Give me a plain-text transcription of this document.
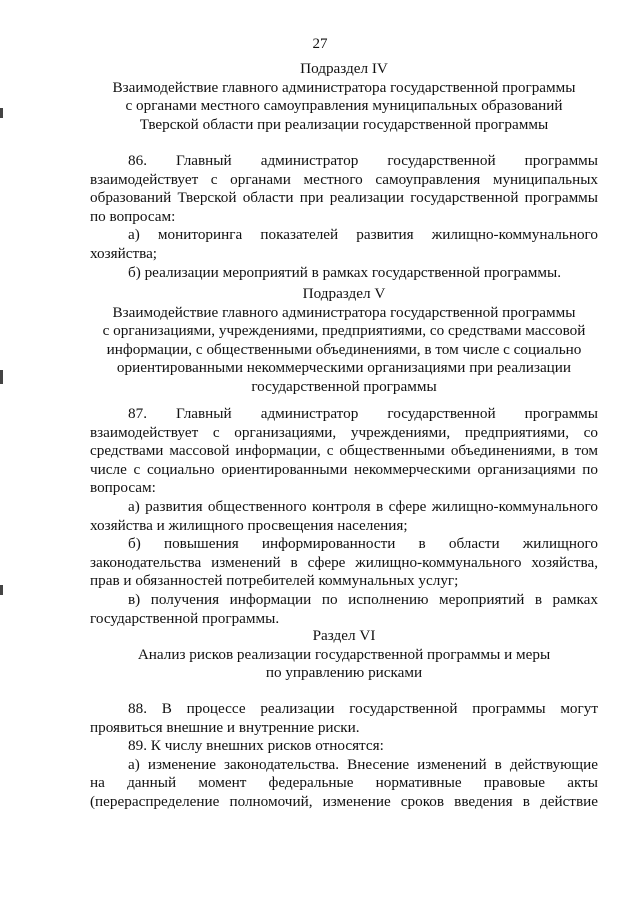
27
Подраздел IV
Взаимодействие главного администратора государственной программы
с органами местного самоуправления муниципальных образований
Тверской области при реализации государственной программы
86. Главный администратор государственной программы
взаимодействует с органами местного самоуправления муниципальных
образований Тверской области при реализации государственной программы
по вопросам:
а) мониторинга показателей развития жилищно-коммунального
хозяйства;
б) реализации мероприятий в рамках государственной программы.
Подраздел V
Взаимодействие главного администратора государственной программы
с организациями, учреждениями, предприятиями, со средствами массовой
информации, с общественными объединениями, в том числе с социально
ориентированными некоммерческими организациями при реализации
государственной программы
87. Главный администратор государственной программы
взаимодействует с организациями, учреждениями, предприятиями, со
средствами массовой информации, с общественными объединениями, в том
числе с социально ориентированными некоммерческими организациями по
вопросам:
а) развития общественного контроля в сфере жилищно-коммунального
хозяйства и жилищного просвещения населения;
б) повышения информированности в области жилищного
законодательства изменений в сфере жилищно-коммунального хозяйства,
прав и обязанностей потребителей коммунальных услуг;
в) получения информации по исполнению мероприятий в рамках
государственной программы.
Раздел VI
Анализ рисков реализации государственной программы и меры
по управлению рисками
88. В процессе реализации государственной программы могут
проявиться внешние и внутренние риски.
89. К числу внешних рисков относятся:
а) изменение законодательства. Внесение изменений в действующие
на данный момент федеральные нормативные правовые акты
(перераспределение полномочий, изменение сроков введения в действие
